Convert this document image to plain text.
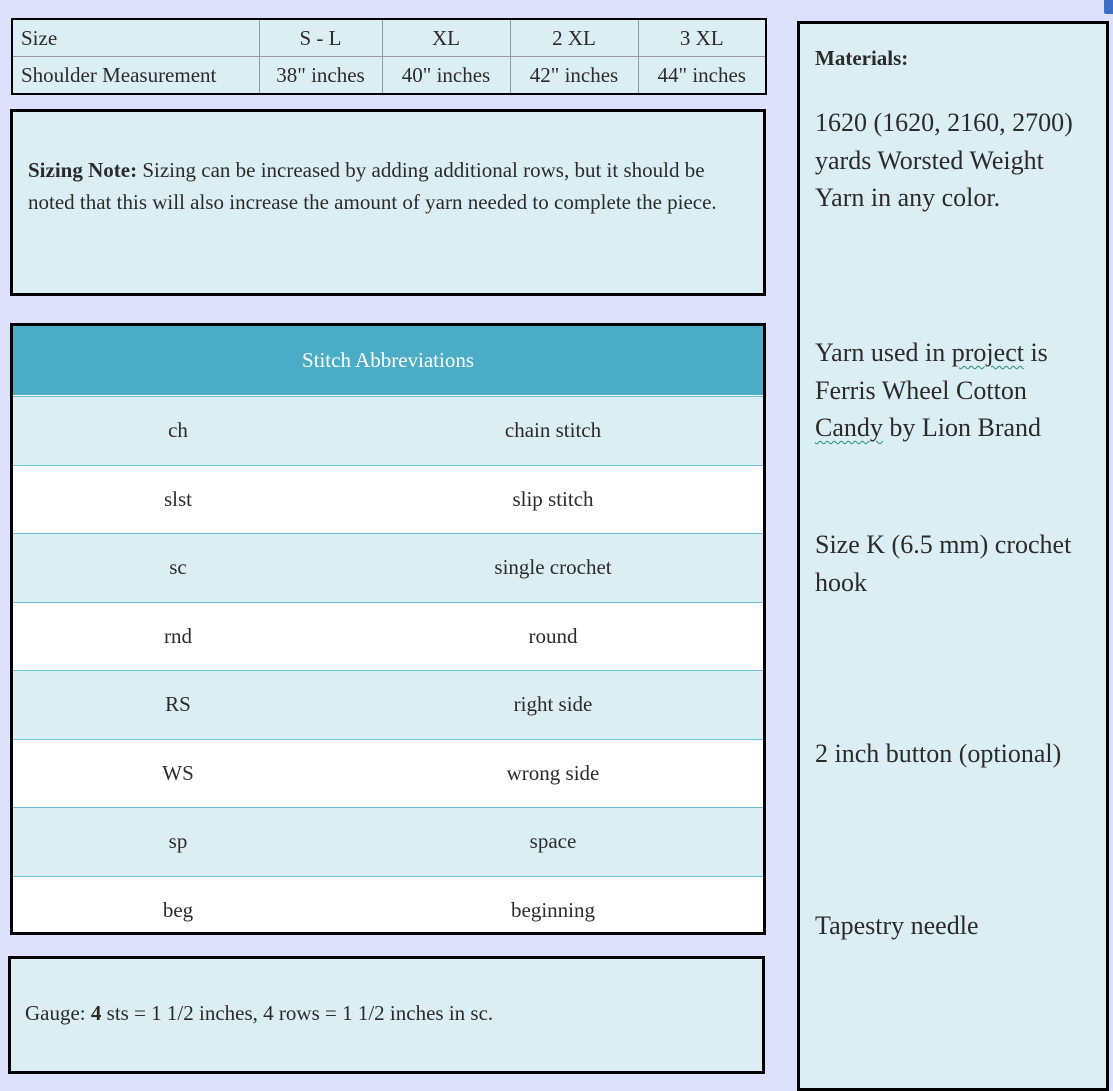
Size	S - L	XL	2 XL	3 XL
Shoulder Measurement	38" inches	40" inches	42" inches	44" inches
Sizing Note: Sizing can be increased by adding additional rows, but it should be noted that this will also increase the amount of yarn needed to complete the piece.
Stitch Abbreviations
ch	chain stitch
slst	slip stitch
sc	single crochet
rnd	round
RS	right side
WS	wrong side
sp	space
beg	beginning
Gauge: 4 sts = 1 1/2 inches, 4 rows = 1 1/2 inches in sc.
Materials:
1620 (1620, 2160, 2700) yards Worsted Weight Yarn in any color.
Yarn used in project is Ferris Wheel Cotton Candy by Lion Brand
Size K (6.5 mm) crochet hook
2 inch button (optional)
Tapestry needle
